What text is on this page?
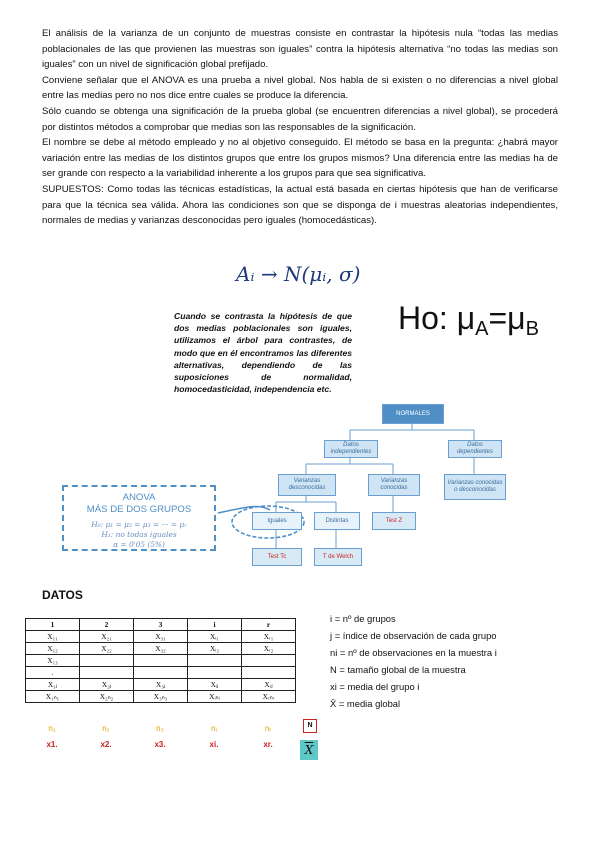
El análisis de la varianza de un conjunto de muestras consiste en contrastar la hipótesis nula “todas las medias poblacionales de las que provienen las muestras son iguales” contra la hipótesis alternativa “no todas las medias son iguales” con un nivel de significación global prefijado.

Conviene señalar que el ANOVA es una prueba a nivel global. Nos habla de si existen o no diferencias a nivel global entre las medias pero no nos dice entre cuales se produce la diferencia.

Sólo cuando se obtenga una significación de la prueba global (se encuentren diferencias a nivel global), se procederá por distintos métodos a comprobar que medias son las responsables de la significación.

El nombre se debe al método empleado y no al objetivo conseguido. El método se basa en la pregunta: ¿habrá mayor variación entre las medias de los distintos grupos que entre los grupos mismos? Una diferencia entre las medias ha de ser grande con respecto a la variabilidad inherente a los grupos para que sea significativa.

SUPUESTOS: Como todas las técnicas estadísticas, la actual está basada en ciertas hipótesis que han de verificarse para que la técnica sea válida. Ahora las condiciones son que se disponga de i muestras aleatorias independientes, normales de medias y varianzas desconocidas pero iguales (homocedásticas).

Aᵢ → N(μᵢ, σ)
Cuando se contrasta la hipótesis de que dos medias poblacionales son iguales, utilizamos el árbol para contrastes, de modo que en él encontramos las diferentes alternativas, dependiendo de las suposiciones de normalidad, homocedasticidad, independencia etc.
Ho: $\mu_A=\mu_B$
NORMALES
Datos independientes
Datos dependientes
Varianzas desconocidas
Varianzas conocidas
Varianzas conocidas o desconocidas
Iguales	Distintas	Test Z
Test Tc	T de Welch
ANOVA
MÁS DE DOS GRUPOS
H₀: μ₁ = μ₂ = μ₃ = ··· = μᵣ
H₁: no todas iguales
α = 0'05 (5%)
DATOS
1	2	3	i	r
X₁₁	X₂₁	X₃₁	Xᵢ₁	Xᵣ₁
X₁₂	X₂₂	X₃₂	Xᵢ₂	Xᵣ₂
X₁₃				
.				
X₁ⱼ	X₂ⱼ	X₃ⱼ	Xᵢⱼ	Xᵣⱼ
X₁ₙ₁	X₂ₙ₂	X₃ₙ₃	Xᵢₙᵢ	Xᵣₙᵣ
n₁	n₂	n₃	nᵢ	nᵣ
x1.	x2.	x3.	xi.	xr.
N
$\overline{X}$
i = nº de grupos
j = índice de observación de cada grupo
ni = nº de observaciones en la muestra i
N = tamaño global de la muestra
xi = media del grupo i
X̄ = media global
